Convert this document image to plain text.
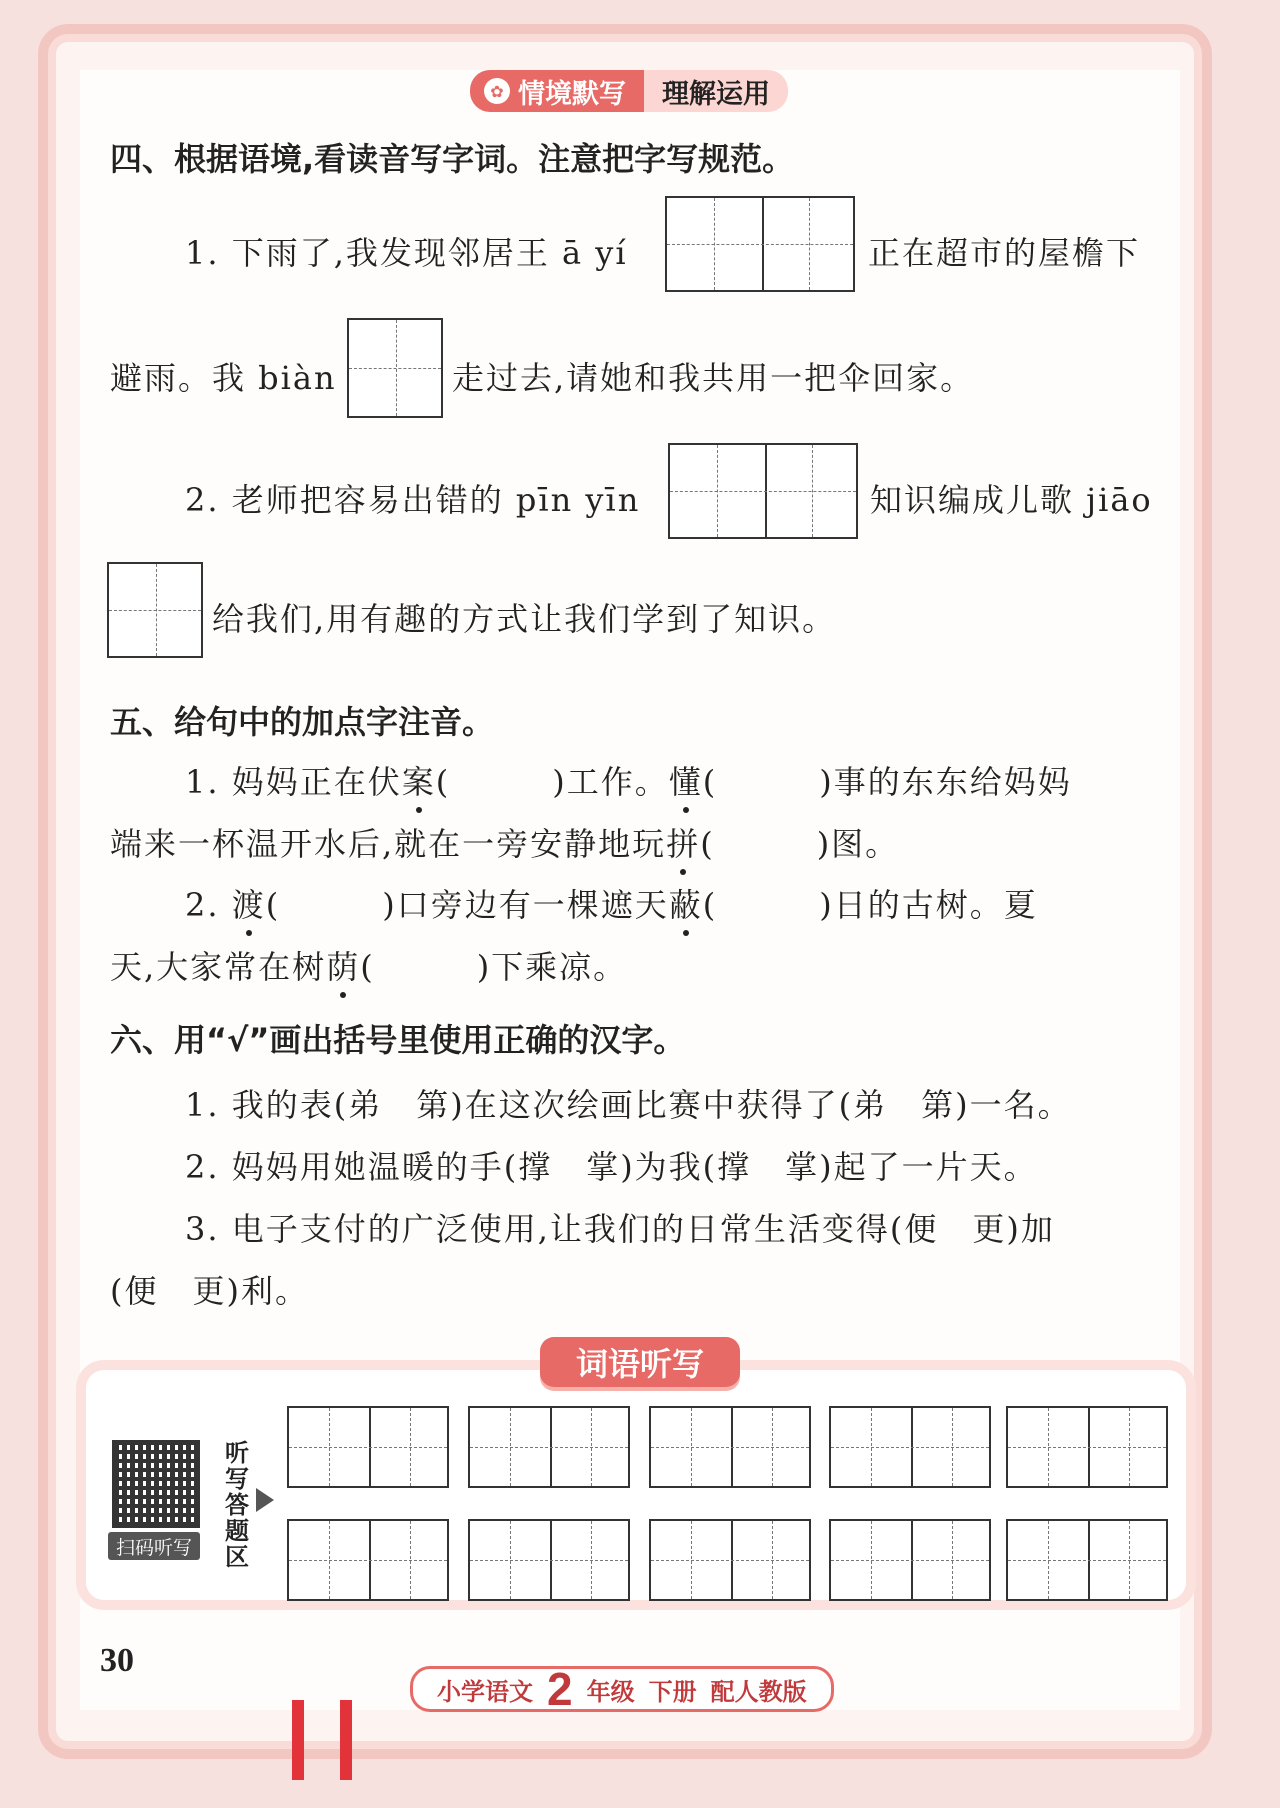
✿ 情境默写 理解运用
四、根据语境,看读音写字词。注意把字写规范。
1. 下雨了,我发现邻居王 ā yí	正在超市的屋檐下
避雨。我 biàn	走过去,请她和我共用一把伞回家。
2. 老师把容易出错的 pīn yīn	知识编成儿歌 jiāo
给我们,用有趣的方式让我们学到了知识。
五、给句中的加点字注音。
1. 妈妈正在伏案(　　　)工作。懂(　　　)事的东东给妈妈
端来一杯温开水后,就在一旁安静地玩拼(　　　)图。
2. 渡(　　　)口旁边有一棵遮天蔽(　　　)日的古树。夏
天,大家常在树荫(　　　)下乘凉。
六、用“√”画出括号里使用正确的汉字。
1. 我的表(弟　第)在这次绘画比赛中获得了(弟　第)一名。
2. 妈妈用她温暖的手(撑　掌)为我(撑　掌)起了一片天。
3. 电子支付的广泛使用,让我们的日常生活变得(便　更)加
(便　更)利。
词语听写
扫码听写
听写答题区
30
小学语文 2 年级 下册 配人教版
